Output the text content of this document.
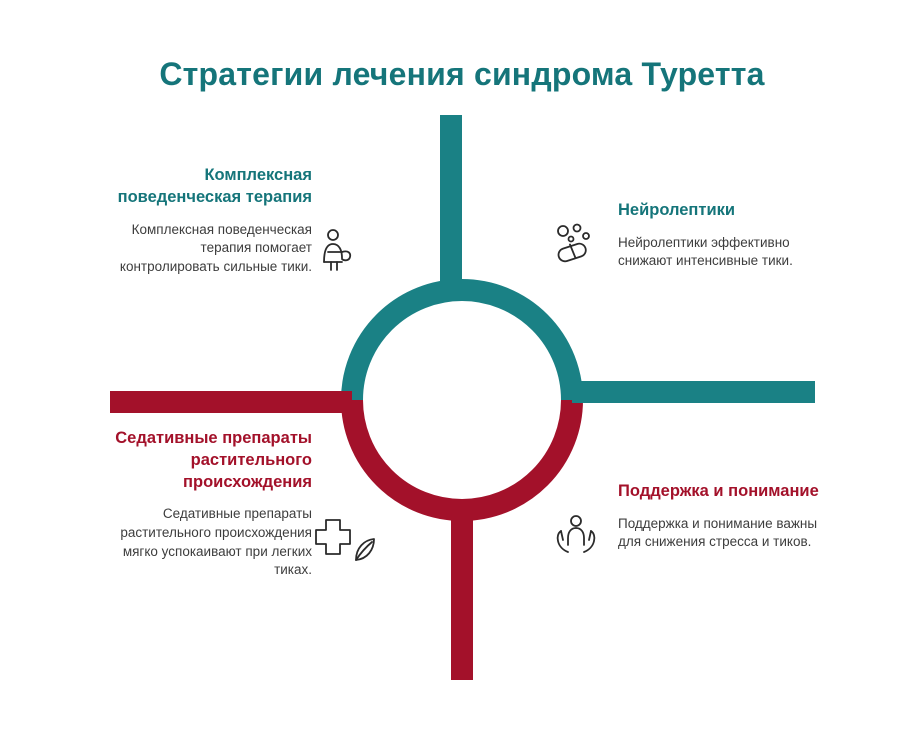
Стратегии лечения синдрома Туретта

Комплексная поведенческая терапия

Комплексная поведенческая терапия помогает контролировать сильные тики.

Нейролептики

Нейролептики эффективно снижают интенсивные тики.

Седативные препараты растительного происхождения

Седативные препараты растительного происхождения мягко успокаивают при легких тиках.

Поддержка и понимание

Поддержка и понимание важны для снижения стресса и тиков.
